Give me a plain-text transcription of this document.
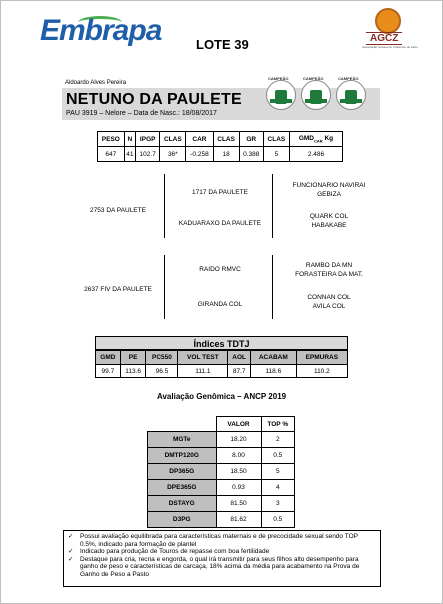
Embrapa	LOTE 39	AGCZ
Associação Goiana de Criadores de Zebu
Aldoardo Alves Pereira
NETUNO DA PAULETE
PAU 3919 – Nelore – Data de Nasc.: 18/08/2017
CAMPEÃO	CAMPEÃO	CAMPEÃO
PESO	N	IPGP	CLAS	CAR	CLAS	GR	CLAS	$GMD_{CAR}$ Kg
647	41	102.7	36*	-0.258	18	0.388	5	2.486
2753 DA PAULETE
1717 DA PAULETE
KADUARAXO DA PAULETE
FUNCIONARIO NAVIRAI
GEBIZA
QUARK COL
HABAKABE
2637 FIV DA PAULETE
RAIDO RMVC
GIRANDA COL
RAMBO DA MN
FORASTEIRA DA MAT.
CONNAN COL
AVILA COL
Índices TDTJ
GMD	PE	PC550	VOL TEST	AOL	ACABAM	EPMURAS
99.7	113.6	96.5	111.1	87.7	118.6	110.2
Avaliação Genômica – ANCP 2019
	VALOR	TOP %
MGTe	18.20	2
DMTP120G	8.00	0.5
DP365G	18.50	5
DPE365G	0.93	4
DSTAYG	81.50	3
D3PG	81.62	0.5
✓ Possui avaliação equilibrada para características maternais e de precocidade sexual sendo TOP 0.5%, indicado para formação de plantel
✓ Indicado para produção de Touros de repasse com boa fertilidade
✓ Destaque para cria, recria e engorda, o qual irá transmitir para seus filhos alto desempenho para ganho de peso e características de carcaça, 18% acima da média para acabamento na Prova de Ganho de Peso a Pasto
